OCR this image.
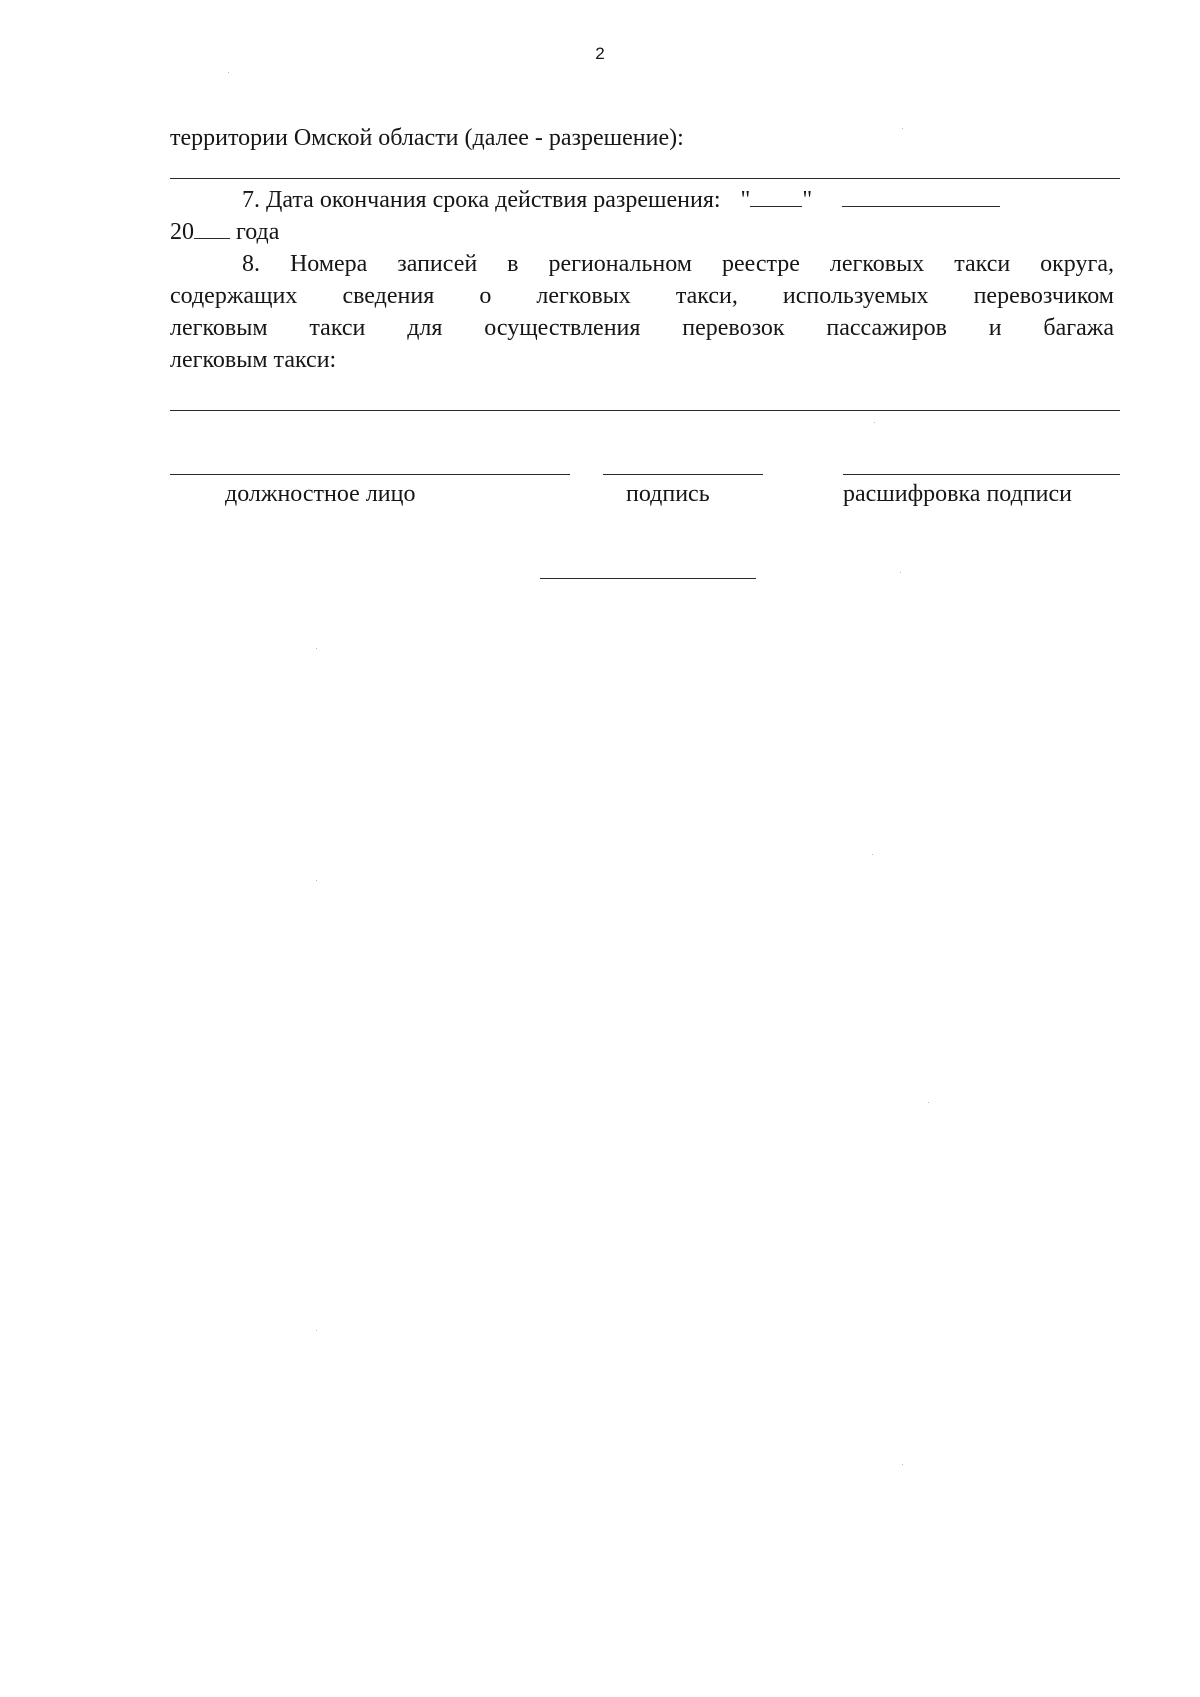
2
территории Омской области (далее - разрешение):
7. Дата окончания срока действия разрешения: " "
20 года
8. Номера записей в региональном реестре легковых такси округа,
содержащих сведения о легковых такси, используемых перевозчиком
легковым такси для осуществления перевозок пассажиров и багажа
легковым такси:
должностное лицо	подпись	расшифровка подписи
